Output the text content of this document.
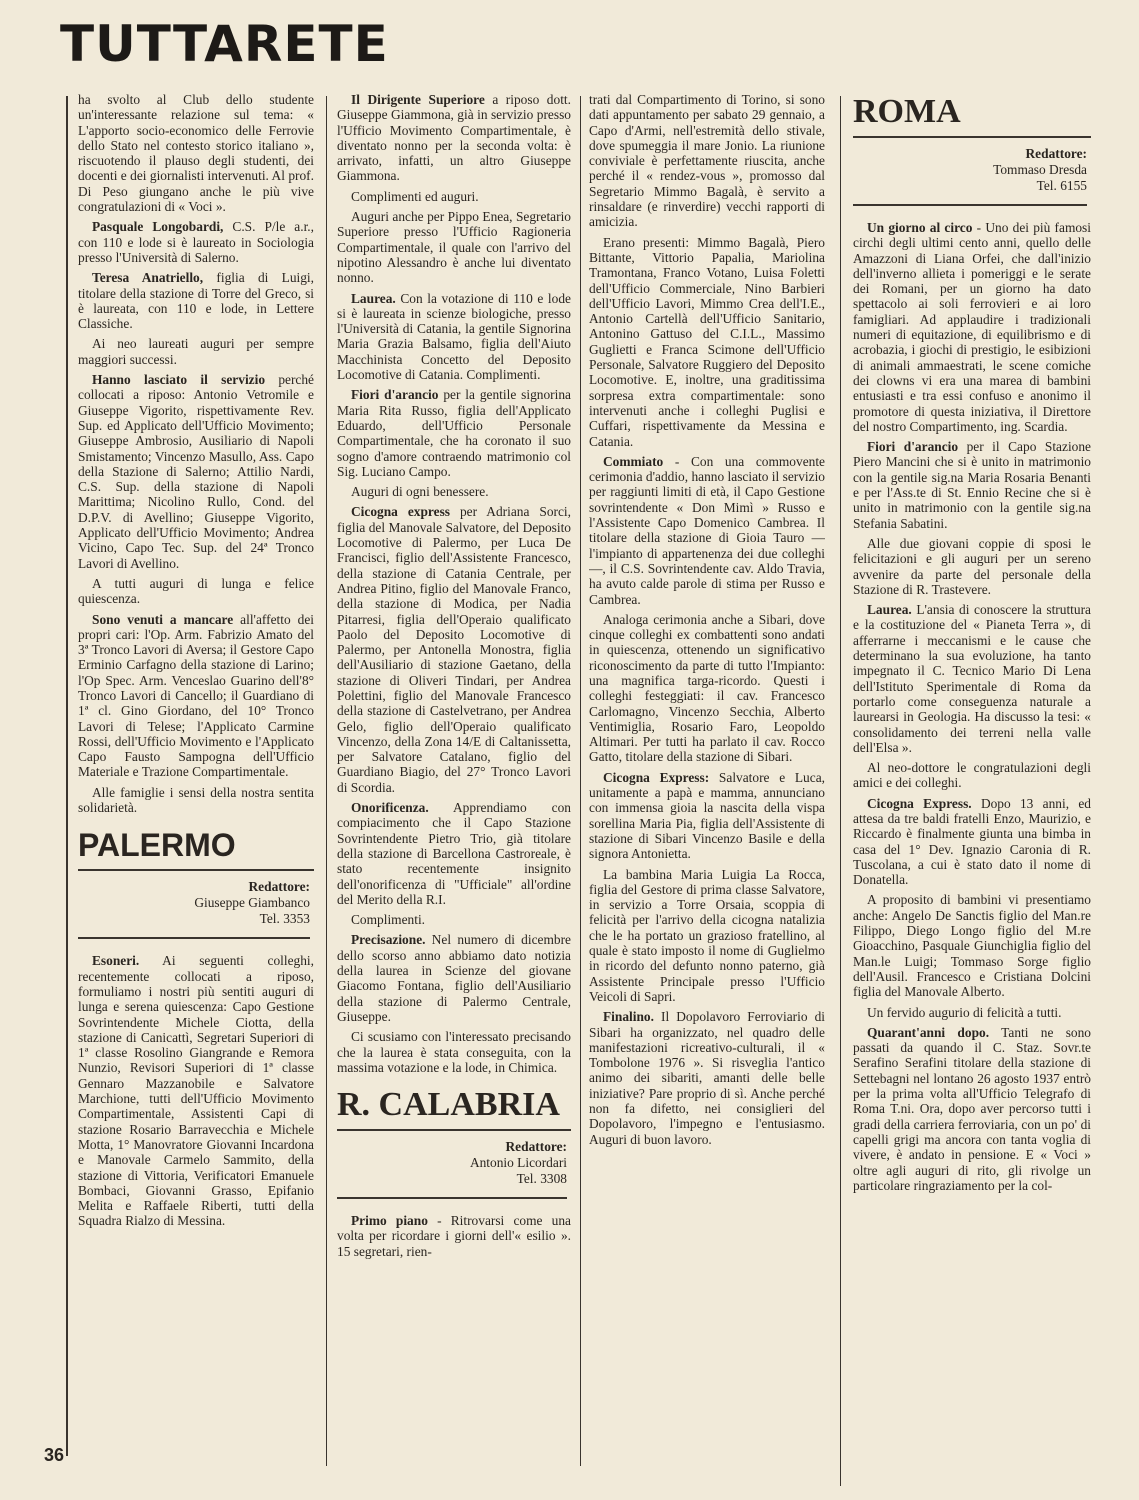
TUTTARETE

ha svolto al Club dello studente un'interessante relazione sul tema: « L'apporto socio-economico delle Ferrovie dello Stato nel contesto storico italiano », riscuotendo il plauso degli studenti, dei docenti e dei giornalisti intervenuti. Al prof. Di Peso giungano anche le più vive congratulazioni di « Voci ».

Pasquale Longobardi, C.S. P/le a.r., con 110 e lode si è laureato in Sociologia presso l'Università di Salerno.

Teresa Anatriello, figlia di Luigi, titolare della stazione di Torre del Greco, si è laureata, con 110 e lode, in Lettere Classiche.

Ai neo laureati auguri per sempre maggiori successi.

Hanno lasciato il servizio perché collocati a riposo: Antonio Vetromile e Giuseppe Vigorito, rispettivamente Rev. Sup. ed Applicato dell'Ufficio Movimento; Giuseppe Ambrosio, Ausiliario di Napoli Smistamento; Vincenzo Masullo, Ass. Capo della Stazione di Salerno; Attilio Nardi, C.S. Sup. della stazione di Napoli Marittima; Nicolino Rullo, Cond. del D.P.V. di Avellino; Giuseppe Vigorito, Applicato dell'Ufficio Movimento; Andrea Vicino, Capo Tec. Sup. del 24ª Tronco Lavori di Avellino.

A tutti auguri di lunga e felice quiescenza.

Sono venuti a mancare all'affetto dei propri cari: l'Op. Arm. Fabrizio Amato del 3ª Tronco Lavori di Aversa; il Gestore Capo Erminio Carfagno della stazione di Larino; l'Op Spec. Arm. Venceslao Guarino dell'8° Tronco Lavori di Cancello; il Guardiano di 1ª cl. Gino Giordano, del 10° Tronco Lavori di Telese; l'Applicato Carmine Rossi, dell'Ufficio Movimento e l'Applicato Capo Fausto Sampogna dell'Ufficio Materiale e Trazione Compartimentale.

Alle famiglie i sensi della nostra sentita solidarietà.

PALERMO
Redattore:
Giuseppe Giambanco
Tel. 3353

Esoneri. Ai seguenti colleghi, recentemente collocati a riposo, formuliamo i nostri più sentiti auguri di lunga e serena quiescenza: Capo Gestione Sovrintendente Michele Ciotta, della stazione di Canicattì, Segretari Superiori di 1ª classe Rosolino Giangrande e Remora Nunzio, Revisori Superiori di 1ª classe Gennaro Mazzanobile e Salvatore Marchione, tutti dell'Ufficio Movimento Compartimentale, Assistenti Capi di stazione Rosario Barravecchia e Michele Motta, 1° Manovratore Giovanni Incardona e Manovale Carmelo Sammito, della stazione di Vittoria, Verificatori Emanuele Bombaci, Giovanni Grasso, Epifanio Melita e Raffaele Riberti, tutti della Squadra Rialzo di Messina.

Il Dirigente Superiore a riposo dott. Giuseppe Giammona, già in servizio presso l'Ufficio Movimento Compartimentale, è diventato nonno per la seconda volta: è arrivato, infatti, un altro Giuseppe Giammona.

Complimenti ed auguri.

Auguri anche per Pippo Enea, Segretario Superiore presso l'Ufficio Ragioneria Compartimentale, il quale con l'arrivo del nipotino Alessandro è anche lui diventato nonno.

Laurea. Con la votazione di 110 e lode si è laureata in scienze biologiche, presso l'Università di Catania, la gentile Signorina Maria Grazia Balsamo, figlia dell'Aiuto Macchinista Concetto del Deposito Locomotive di Catania. Complimenti.

Fiori d'arancio per la gentile signorina Maria Rita Russo, figlia dell'Applicato Eduardo, dell'Ufficio Personale Compartimentale, che ha coronato il suo sogno d'amore contraendo matrimonio col Sig. Luciano Campo.

Auguri di ogni benessere.

Cicogna express per Adriana Sorci, figlia del Manovale Salvatore, del Deposito Locomotive di Palermo, per Luca De Francisci, figlio dell'Assistente Francesco, della stazione di Catania Centrale, per Andrea Pitino, figlio del Manovale Franco, della stazione di Modica, per Nadia Pitarresi, figlia dell'Operaio qualificato Paolo del Deposito Locomotive di Palermo, per Antonella Monostra, figlia dell'Ausiliario di stazione Gaetano, della stazione di Oliveri Tindari, per Andrea Polettini, figlio del Manovale Francesco della stazione di Castelvetrano, per Andrea Gelo, figlio dell'Operaio qualificato Vincenzo, della Zona 14/E di Caltanissetta, per Salvatore Catalano, figlio del Guardiano Biagio, del 27° Tronco Lavori di Scordia.

Onorificenza. Apprendiamo con compiacimento che il Capo Stazione Sovrintendente Pietro Trio, già titolare della stazione di Barcellona Castroreale, è stato recentemente insignito dell'onorificenza di "Ufficiale" all'ordine del Merito della R.I.

Complimenti.

Precisazione. Nel numero di dicembre dello scorso anno abbiamo dato notizia della laurea in Scienze del giovane Giacomo Fontana, figlio dell'Ausiliario della stazione di Palermo Centrale, Giuseppe.

Ci scusiamo con l'interessato precisando che la laurea è stata conseguita, con la massima votazione e la lode, in Chimica.

R. CALABRIA
Redattore:
Antonio Licordari
Tel. 3308

Primo piano - Ritrovarsi come una volta per ricordare i giorni dell'« esilio ». 15 segretari, rien-

trati dal Compartimento di Torino, si sono dati appuntamento per sabato 29 gennaio, a Capo d'Armi, nell'estremità dello stivale, dove spumeggia il mare Jonio. La riunione conviviale è perfettamente riuscita, anche perché il « rendez-vous », promosso dal Segretario Mimmo Bagalà, è servito a rinsaldare (e rinverdire) vecchi rapporti di amicizia.

Erano presenti: Mimmo Bagalà, Piero Bittante, Vittorio Papalia, Mariolina Tramontana, Franco Votano, Luisa Foletti dell'Ufficio Commerciale, Nino Barbieri dell'Ufficio Lavori, Mimmo Crea dell'I.E., Antonio Cartellà dell'Ufficio Sanitario, Antonino Gattuso del C.I.L., Massimo Guglietti e Franca Scimone dell'Ufficio Personale, Salvatore Ruggiero del Deposito Locomotive. E, inoltre, una graditissima sorpresa extra compartimentale: sono intervenuti anche i colleghi Puglisi e Cuffari, rispettivamente da Messina e Catania.

Commiato - Con una commovente cerimonia d'addio, hanno lasciato il servizio per raggiunti limiti di età, il Capo Gestione sovrintendente « Don Mimì » Russo e l'Assistente Capo Domenico Cambrea. Il titolare della stazione di Gioia Tauro — l'impianto di appartenenza dei due colleghi —, il C.S. Sovrintendente cav. Aldo Travia, ha avuto calde parole di stima per Russo e Cambrea.

Analoga cerimonia anche a Sibari, dove cinque colleghi ex combattenti sono andati in quiescenza, ottenendo un significativo riconoscimento da parte di tutto l'Impianto: una magnifica targa-ricordo. Questi i colleghi festeggiati: il cav. Francesco Carlomagno, Vincenzo Secchia, Alberto Ventimiglia, Rosario Faro, Leopoldo Altimari. Per tutti ha parlato il cav. Rocco Gatto, titolare della stazione di Sibari.

Cicogna Express: Salvatore e Luca, unitamente a papà e mamma, annunciano con immensa gioia la nascita della vispa sorellina Maria Pia, figlia dell'Assistente di stazione di Sibari Vincenzo Basile e della signora Antonietta.

La bambina Maria Luigia La Rocca, figlia del Gestore di prima classe Salvatore, in servizio a Torre Orsaia, scoppia di felicità per l'arrivo della cicogna natalizia che le ha portato un graziosо fratellino, al quale è stato imposto il nome di Guglielmo in ricordo del defunto nonno paterno, già Assistente Principale presso l'Ufficio Veicoli di Sapri.

Finalino. Il Dopolavoro Ferroviario di Sibari ha organizzato, nel quadro delle manifestazioni ricreativo-culturali, il « Tombolone 1976 ». Si risveglia l'antico animo dei sibariti, amanti delle belle iniziative? Pare proprio di sì. Anche perché non fa difetto, nei consiglieri del Dopolavoro, l'impegno e l'entusiasmo. Auguri di buon lavoro.

ROMA
Redattore:
Tommaso Dresda
Tel. 6155

Un giorno al circo - Uno dei più famosi circhi degli ultimi cento anni, quello delle Amazzoni di Liana Orfei, che dall'inizio dell'inverno allieta i pomeriggi e le serate dei Romani, per un giorno ha dato spettacolo ai soli ferrovieri e ai loro famigliari. Ad applaudire i tradizionali numeri di equitazione, di equilibrismo e di acrobazia, i giochi di prestigio, le esibizioni di animali ammaestrati, le scene comiche dei clowns vi era una marea di bambini entusiasti e tra essi confuso e anonimo il promotore di questa iniziativa, il Direttore del nostro Compartimento, ing. Scardia.

Fiori d'arancio per il Capo Stazione Piero Mancini che si è unito in matrimonio con la gentile sig.na Maria Rosaria Benanti e per l'Ass.te di St. Ennio Recine che si è unito in matrimonio con la gentile sig.na Stefania Sabatini.

Alle due giovani coppie di sposi le felicitazioni e gli auguri per un sereno avvenire da parte del personale della Stazione di R. Trastevere.

Laurea. L'ansia di conoscere la struttura e la costituzione del « Pianeta Terra », di afferrarne i meccanismi e le cause che determinano la sua evoluzione, ha tanto impegnato il C. Tecnico Mario Di Lena dell'Istituto Sperimentale di Roma da portarlo come conseguenza naturale a laurearsi in Geologia. Ha discusso la tesi: « consolidamento dei terreni nella valle dell'Elsa ».

Al neo-dottore le congratulazioni degli amici e dei colleghi.

Cicogna Express. Dopo 13 anni, ed attesa da tre baldi fratelli Enzo, Maurizio, e Riccardo è finalmente giunta una bimba in casa del 1° Dev. Ignazio Caronia di R. Tuscolana, a cui è stato dato il nome di Donatella.

A proposito di bambini vi presentiamo anche: Angelo De Sanctis figlio del Man.re Filippo, Diego Longo figlio del M.re Gioacchino, Pasquale Giunchiglia figlio del Man.le Luigi; Tommaso Sorge figlio dell'Ausil. Francesco e Cristiana Dolcini figlia del Manovale Alberto.

Un fervido augurio di felicità a tutti.

Quarant'anni dopo. Tanti ne sono passati da quando il C. Staz. Sovr.te Serafino Serafini titolare della stazione di Settebagni nel lontano 26 agosto 1937 entrò per la prima volta all'Ufficio Telegrafo di Roma T.ni. Ora, dopo aver percorso tutti i gradi della carriera ferroviaria, con un po' di capelli grigi ma ancora con tanta voglia di vivere, è andato in pensione. E « Voci » oltre agli auguri di rito, gli rivolge un particolare ringraziamento per la col-

36
